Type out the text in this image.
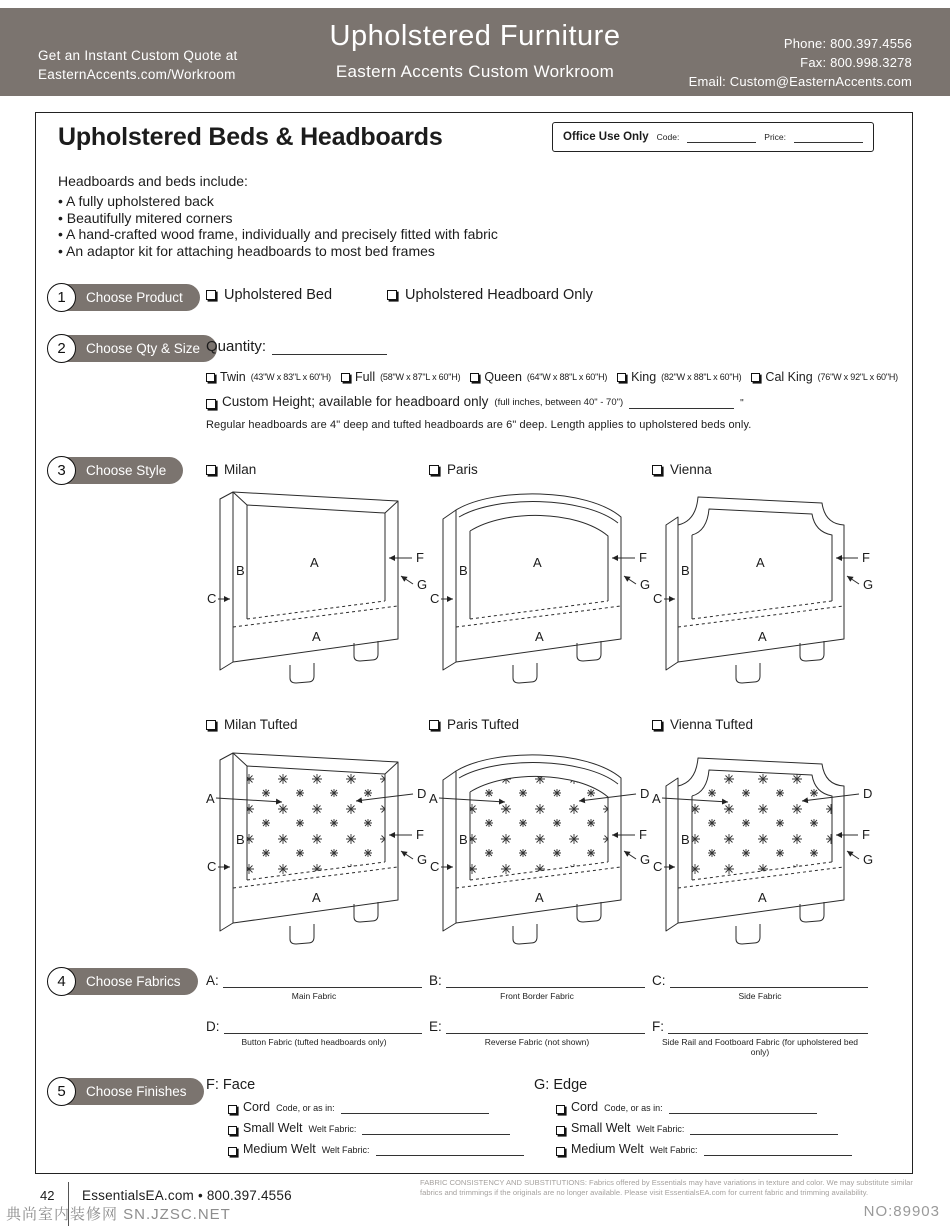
Get an Instant Custom Quote at
EasternAccents.com/Workroom
Upholstered Furniture
Eastern Accents Custom Workroom
Phone: 800.397.4556
Fax: 800.998.3278
Email: Custom@EasternAccents.com
Upholstered Beds & Headboards	Office Use Only Code:	Price:
Headboards and beds include:
• A fully upholstered back
• Beautifully mitered corners
• A hand-crafted wood frame, individually and precisely fitted with fabric
• An adaptor kit for attaching headboards to most bed frames
1	Choose Product	Upholstered Bed	Upholstered Headboard Only
2	Choose Qty & Size Quantity:
Twin (43"W x 83"L x 60"H) Full (58"W x 87"L x 60"H) Queen (64"W x 88"L x 60"H) King (82"W x 88"L x 60"H) Cal King (76"W x 92"L x 60"H)
Custom Height; available for headboard only (full inches, between 40" - 70")	"
Regular headboards are 4" deep and tufted headboards are 6" deep. Length applies to upholstered beds only.
3	Choose Style	Milan	Paris	Vienna
B
A
A
C
F
G
B
A
A
C
F
G
B
A
A
C
F
G
Milan Tufted	Paris Tufted	Vienna Tufted
A	D
B
C
F
G
A
A	D
B
C
F
G
A
A	D
B
C
F
G
A
4	Choose Fabrics A:
Main Fabric
B:
Front Border Fabric
C:
Side Fabric
D:
Button Fabric (tufted headboards only)
E:
Reverse Fabric (not shown)
F:
Side Rail and Footboard Fabric (for upholstered bed only)
5	Choose Finishes F: Face
Cord Code, or as in:
Small Welt Welt Fabric:
Medium Welt Welt Fabric:
G: Edge
Cord Code, or as in:
Small Welt Welt Fabric:
Medium Welt Welt Fabric:
FABRIC CONSISTENCY AND SUBSTITUTIONS: Fabrics offered by Essentials may have variations in texture and color. We may substitute similar fabrics and trimmings if the originals are no longer available. Please visit EssentialsEA.com for current fabric and trimming availability.
42 EssentialsEA.com • 800.397.4556
典尚室内装修网 SN.JZSC.NET	NO:89903
